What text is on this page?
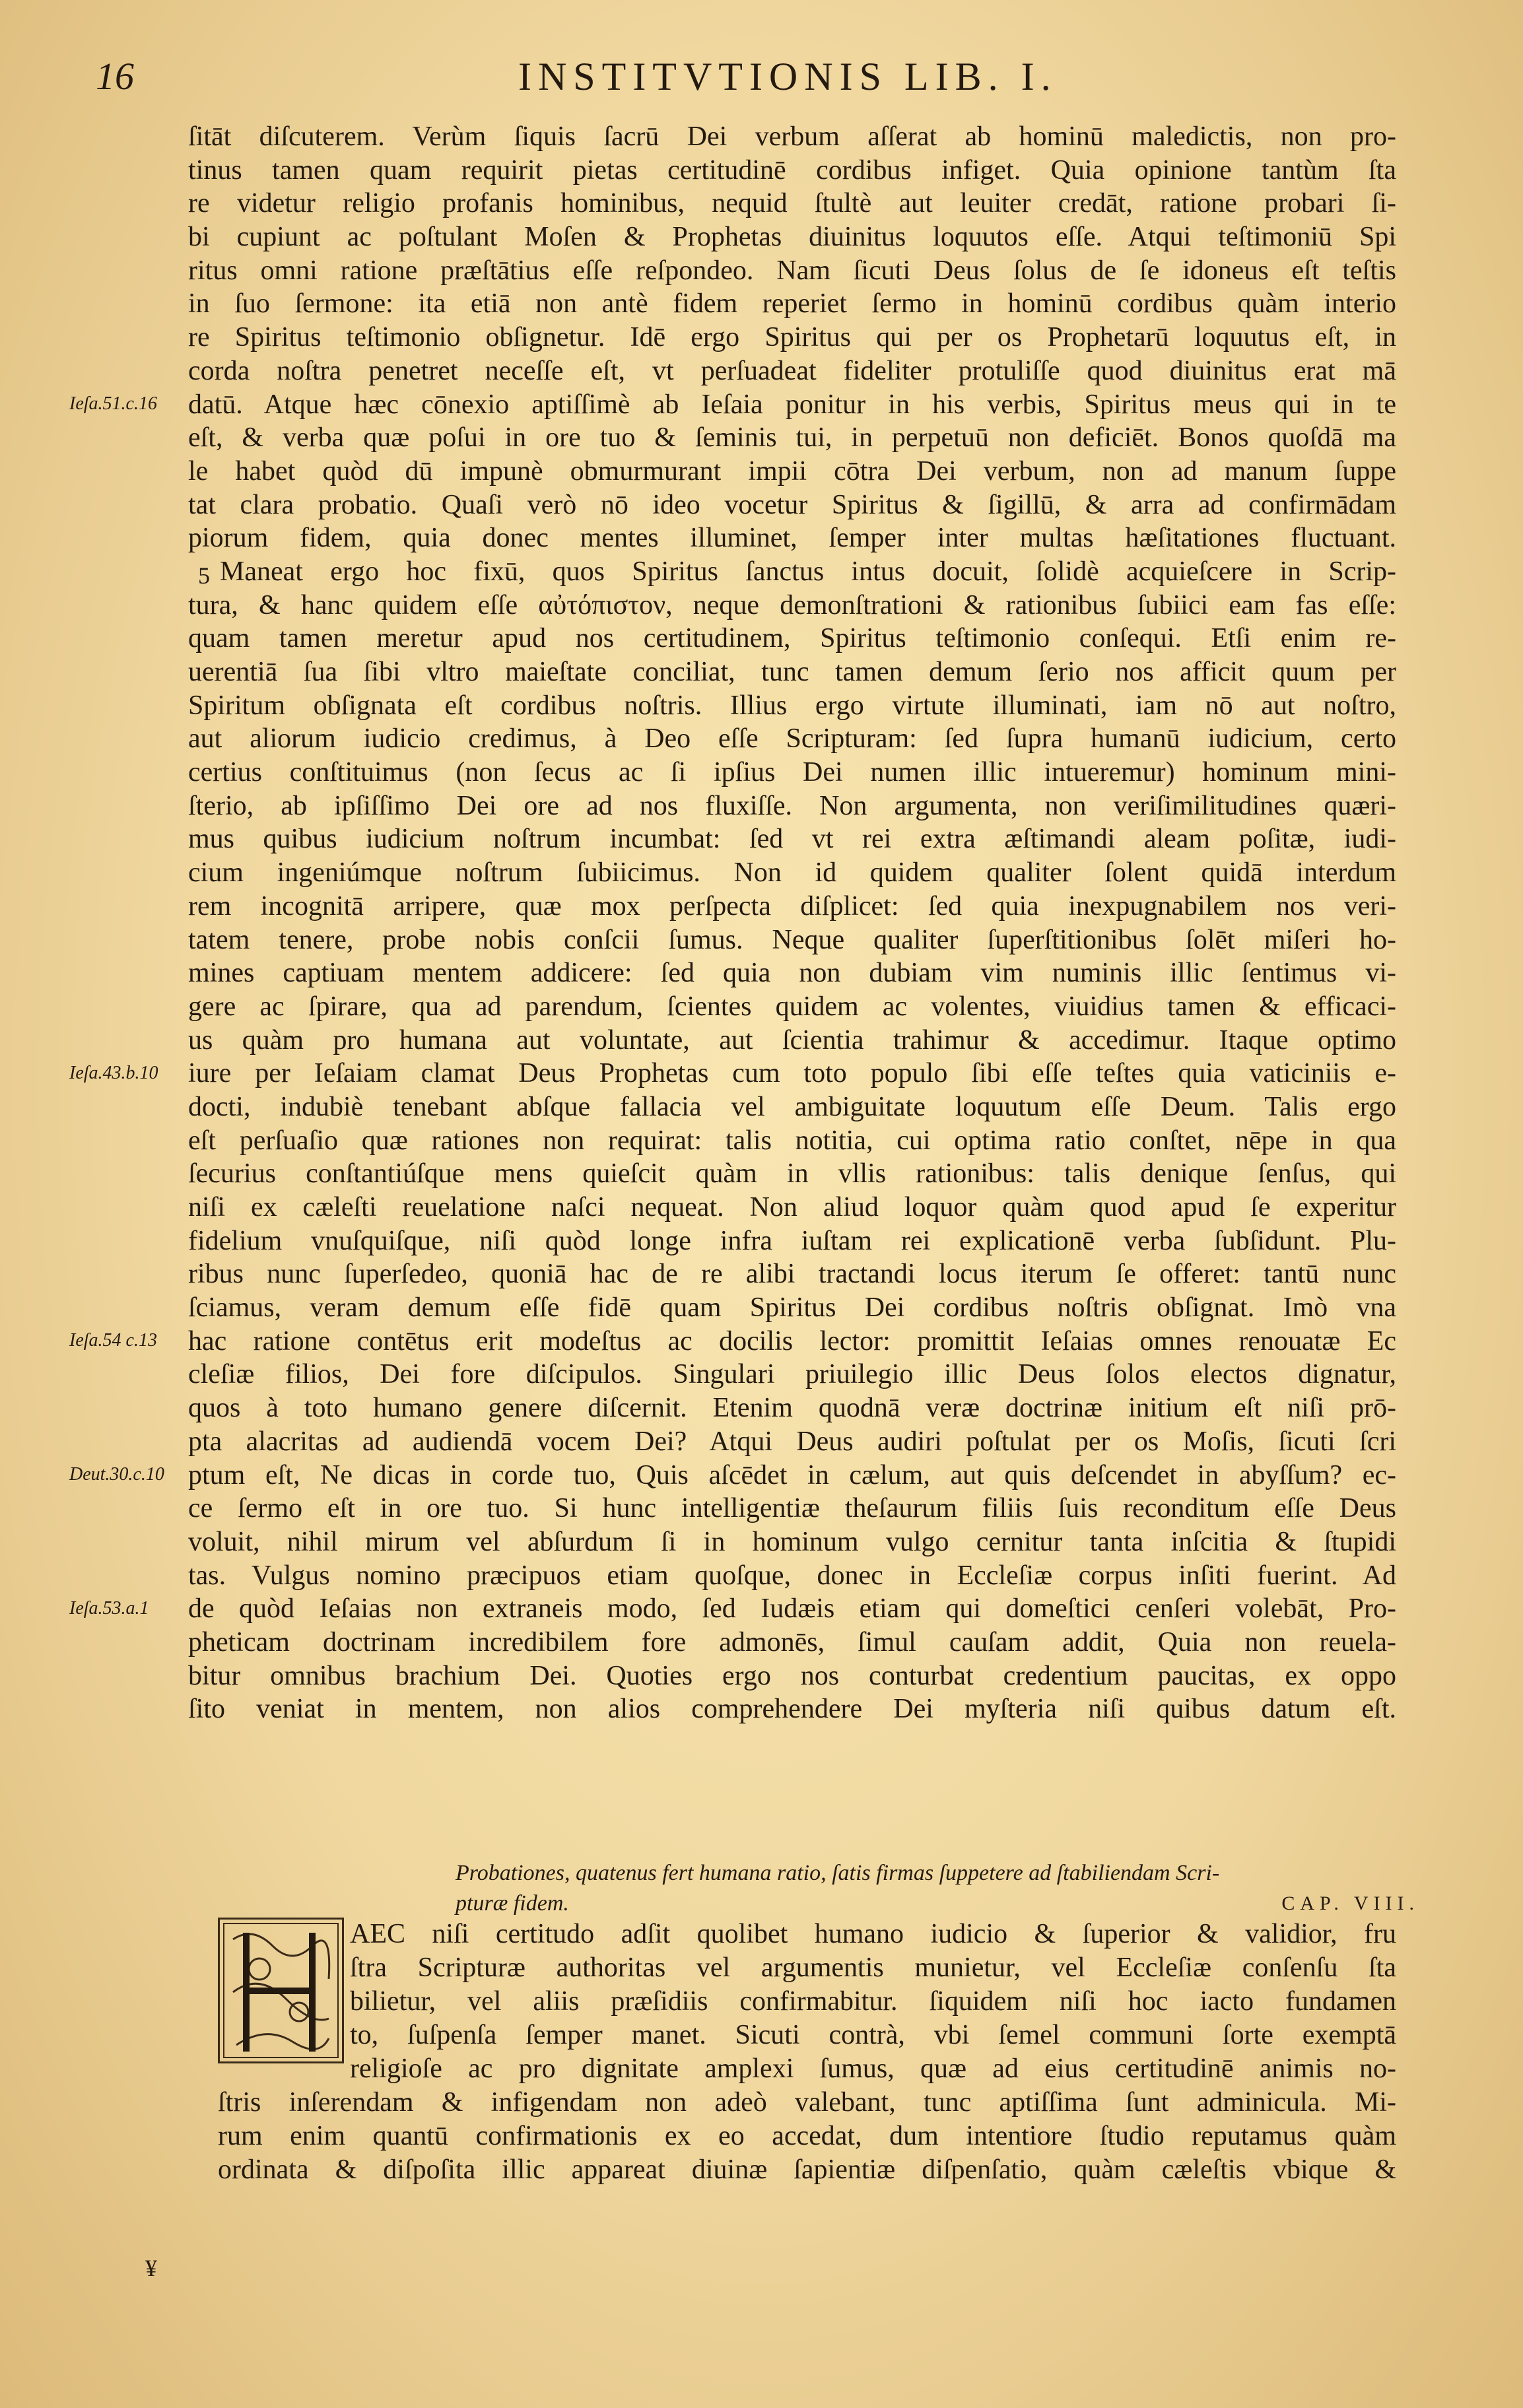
16	INSTITVTIONIS LIB. I.
ſitāt diſcuterem. Verùm ſiquis ſacrū Dei verbum aſſerat ab hominū maledictis, non pro-
tinus tamen quam requirit pietas certitudinē cordibus infiget. Quia opinione tantùm ſta
re videtur religio profanis hominibus, nequid ſtultè aut leuiter credāt, ratione probari ſi-
bi cupiunt ac poſtulant Moſen & Prophetas diuinitus loquutos eſſe. Atqui teſtimoniū Spi
ritus omni ratione præſtātius eſſe reſpondeo. Nam ſicuti Deus ſolus de ſe idoneus eſt teſtis
in ſuo ſermone: ita etiā non antè fidem reperiet ſermo in hominū cordibus quàm interio
re Spiritus teſtimonio obſignetur. Idē ergo Spiritus qui per os Prophetarū loquutus eſt, in
corda noſtra penetret neceſſe eſt, vt perſuadeat fideliter protuliſſe quod diuinitus erat mā
datū. Atque hæc cōnexio aptiſſimè ab Ieſaia ponitur in his verbis, Spiritus meus qui in te
eſt, & verba quæ poſui in ore tuo & ſeminis tui, in perpetuū non deficiēt. Bonos quoſdā ma
le habet quòd dū impunè obmurmurant impii cōtra Dei verbum, non ad manum ſuppe
tat clara probatio. Quaſi verò nō ideo vocetur Spiritus & ſigillū, & arra ad confirmādam
piorum fidem, quia donec mentes illuminet, ſemper inter multas hæſitationes fluctuant.
Maneat ergo hoc fixū, quos Spiritus ſanctus intus docuit, ſolidè acquieſcere in Scrip-
tura, & hanc quidem eſſe αὐτόπιστον, neque demonſtrationi & rationibus ſubiici eam fas eſſe:
quam tamen meretur apud nos certitudinem, Spiritus teſtimonio conſequi. Etſi enim re-
uerentiā ſua ſibi vltro maieſtate conciliat, tunc tamen demum ſerio nos afficit quum per
Spiritum obſignata eſt cordibus noſtris. Illius ergo virtute illuminati, iam nō aut noſtro,
aut aliorum iudicio credimus, à Deo eſſe Scripturam: ſed ſupra humanū iudicium, certo
certius conſtituimus (non ſecus ac ſi ipſius Dei numen illic intueremur) hominum mini-
ſterio, ab ipſiſſimo Dei ore ad nos fluxiſſe. Non argumenta, non veriſimilitudines quæri-
mus quibus iudicium noſtrum incumbat: ſed vt rei extra æſtimandi aleam poſitæ, iudi-
cium ingeniúmque noſtrum ſubiicimus. Non id quidem qualiter ſolent quidā interdum
rem incognitā arripere, quæ mox perſpecta diſplicet: ſed quia inexpugnabilem nos veri-
tatem tenere, probe nobis conſcii ſumus. Neque qualiter ſuperſtitionibus ſolēt miſeri ho-
mines captiuam mentem addicere: ſed quia non dubiam vim numinis illic ſentimus vi-
gere ac ſpirare, qua ad parendum, ſcientes quidem ac volentes, viuidius tamen & efficaci-
us quàm pro humana aut voluntate, aut ſcientia trahimur & accedimur. Itaque optimo
iure per Ieſaiam clamat Deus Prophetas cum toto populo ſibi eſſe teſtes quia vaticiniis e-
docti, indubiè tenebant abſque fallacia vel ambiguitate loquutum eſſe Deum. Talis ergo
eſt perſuaſio quæ rationes non requirat: talis notitia, cui optima ratio conſtet, nēpe in qua
ſecurius conſtantiúſque mens quieſcit quàm in vllis rationibus: talis denique ſenſus, qui
niſi ex cæleſti reuelatione naſci nequeat. Non aliud loquor quàm quod apud ſe experitur
fidelium vnuſquiſque, niſi quòd longe infra iuſtam rei explicationē verba ſubſidunt. Plu-
ribus nunc ſuperſedeo, quoniā hac de re alibi tractandi locus iterum ſe offeret: tantū nunc
ſciamus, veram demum eſſe fidē quam Spiritus Dei cordibus noſtris obſignat. Imò vna
hac ratione contētus erit modeſtus ac docilis lector: promittit Ieſaias omnes renouatæ Ec
cleſiæ filios, Dei fore diſcipulos. Singulari priuilegio illic Deus ſolos electos dignatur,
quos à toto humano genere diſcernit. Etenim quodnā veræ doctrinæ initium eſt niſi prō-
pta alacritas ad audiendā vocem Dei? Atqui Deus audiri poſtulat per os Moſis, ſicuti ſcri
ptum eſt, Ne dicas in corde tuo, Quis aſcēdet in cælum, aut quis deſcendet in abyſſum? ec-
ce ſermo eſt in ore tuo. Si hunc intelligentiæ theſaurum filiis ſuis reconditum eſſe Deus
voluit, nihil mirum vel abſurdum ſi in hominum vulgo cernitur tanta inſcitia & ſtupidi
tas. Vulgus nomino præcipuos etiam quoſque, donec in Eccleſiæ corpus inſiti fuerint. Ad
de quòd Ieſaias non extraneis modo, ſed Iudæis etiam qui domeſtici cenſeri volebāt, Pro-
pheticam doctrinam incredibilem fore admonēs, ſimul cauſam addit, Quia non reuela-
bitur omnibus brachium Dei. Quoties ergo nos conturbat credentium paucitas, ex oppo
ſito veniat in mentem, non alios comprehendere Dei myſteria niſi quibus datum eſt.
Ieſa.51.c.16
Ieſa.43.b.10
Ieſa.54 c.13
Deut.30.c.10
Ieſa.53.a.1
5
Probationes, quatenus fert humana ratio, ſatis firmas ſuppetere ad ſtabiliendam Scri-
pturæ fidem.	CAP. VIII.
AEC niſi certitudo adſit quolibet humano iudicio & ſuperior & validior, fru
ſtra Scripturæ authoritas vel argumentis munietur, vel Eccleſiæ conſenſu ſta
bilietur, vel aliis præſidiis confirmabitur. ſiquidem niſi hoc iacto fundamen
to, ſuſpenſa ſemper manet. Sicuti contrà, vbi ſemel communi ſorte exemptā
religioſe ac pro dignitate amplexi ſumus, quæ ad eius certitudinē animis no-
ſtris inſerendam & infigendam non adeò valebant, tunc aptiſſima ſunt adminicula. Mi-
rum enim quantū confirmationis ex eo accedat, dum intentiore ſtudio reputamus quàm
ordinata & diſpoſita illic appareat diuinæ ſapientiæ diſpenſatio, quàm cæleſtis vbique &
¥
